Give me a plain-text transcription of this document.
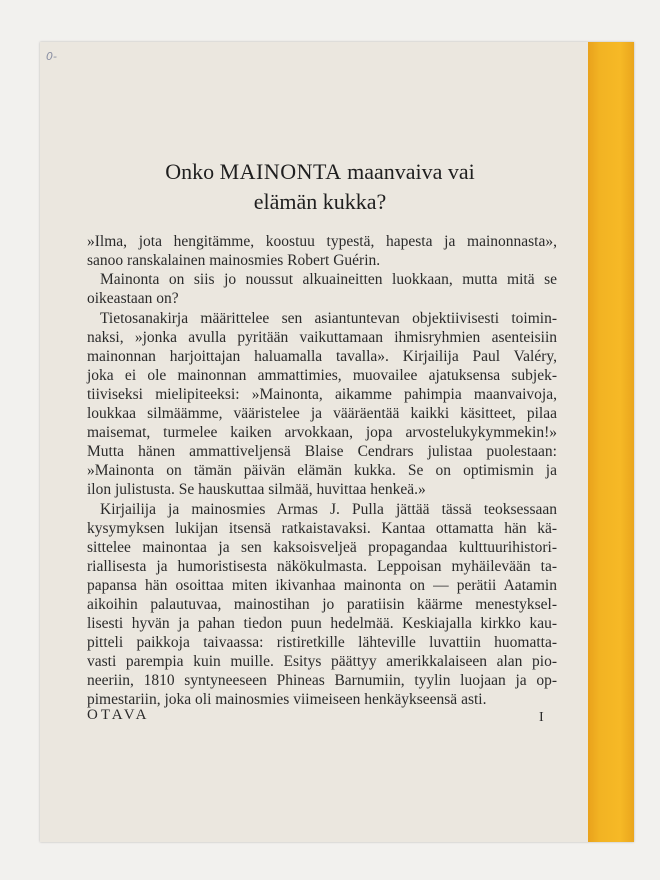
0-
Onko MAINONTA maanvaiva vai
elämän kukka?
»Ilma, jota hengitämme, koostuu typestä, hapesta ja mainonnasta»,
sanoo ranskalainen mainosmies Robert Guérin.
Mainonta on siis jo noussut alkuaineitten luokkaan, mutta mitä se
oikeastaan on?
Tietosanakirja määrittelee sen asiantuntevan objektiivisesti toimin-
naksi, »jonka avulla pyritään vaikuttamaan ihmisryhmien asenteisiin
mainonnan harjoittajan haluamalla tavalla». Kirjailija Paul Valéry,
joka ei ole mainonnan ammattimies, muovailee ajatuksensa subjek-
tiiviseksi mielipiteeksi: »Mainonta, aikamme pahimpia maanvaivoja,
loukkaa silmäämme, vääristelee ja vääräentää kaikki käsitteet, pilaa
maisemat, turmelee kaiken arvokkaan, jopa arvostelukykymmekin!»
Mutta hänen ammattiveljensä Blaise Cendrars julistaa puolestaan:
»Mainonta on tämän päivän elämän kukka. Se on optimismin ja
ilon julistusta. Se hauskuttaa silmää, huvittaa henkeä.»
Kirjailija ja mainosmies Armas J. Pulla jättää tässä teoksessaan
kysymyksen lukijan itsensä ratkaistavaksi. Kantaa ottamatta hän kä-
sittelee mainontaa ja sen kaksoisveljeä propagandaa kulttuurihistori-
riallisesta ja humoristisesta näkökulmasta. Leppoisan myhäilevään ta-
papansa hän osoittaa miten ikivanhaa mainonta on — perätii Aatamin
aikoihin palautuvaa, mainostihan jo paratiisin käärme menestyksel-
lisesti hyvän ja pahan tiedon puun hedelmää. Keskiajalla kirkko kau-
pitteli paikkoja taivaassa: ristiretkille lähteville luvattiin huomatta-
vasti parempia kuin muille. Esitys päättyy amerikkalaiseen alan pio-
neeriin, 1810 syntyneeseen Phineas Barnumiin, tyylin luojaan ja op-
pimestariin, joka oli mainosmies viimeiseen henkäykseensä asti.
OTAVA	I
